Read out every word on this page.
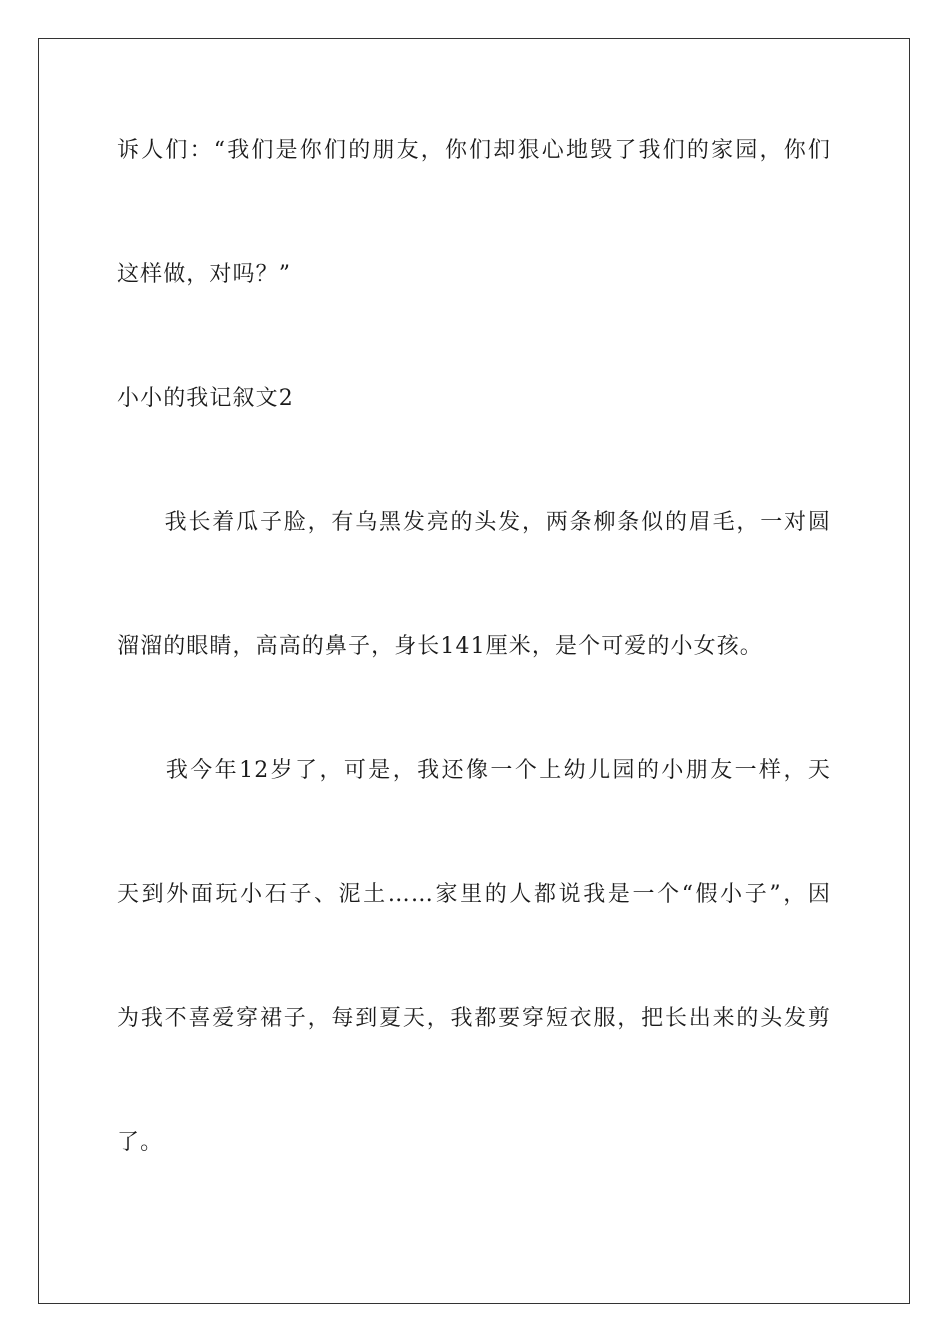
诉人们：“我们是你们的朋友，你们却狠心地毁了我们的家园，你们
这样做，对吗？”
小小的我记叙文2
　　我长着瓜子脸，有乌黑发亮的头发，两条柳条似的眉毛，一对圆
溜溜的眼睛，高高的鼻子，身长141厘米，是个可爱的小女孩。
　　我今年12岁了，可是，我还像一个上幼儿园的小朋友一样，天
天到外面玩小石子、泥土……家里的人都说我是一个“假小子”，因
为我不喜爱穿裙子，每到夏天，我都要穿短衣服，把长出来的头发剪
了。
